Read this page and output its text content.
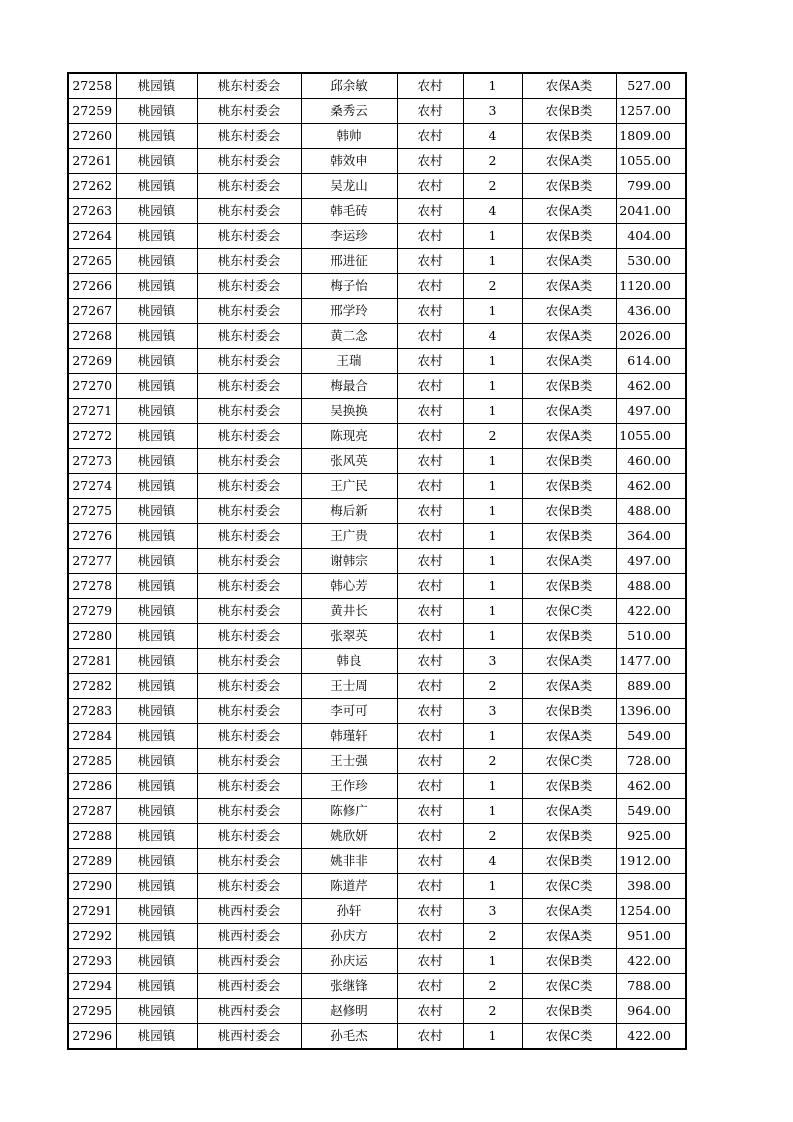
27258	桃园镇	桃东村委会	邱余敏	农村	1	农保A类	527.00
27259	桃园镇	桃东村委会	桑秀云	农村	3	农保B类	1257.00
27260	桃园镇	桃东村委会	韩帅	农村	4	农保B类	1809.00
27261	桃园镇	桃东村委会	韩效申	农村	2	农保A类	1055.00
27262	桃园镇	桃东村委会	吴龙山	农村	2	农保B类	799.00
27263	桃园镇	桃东村委会	韩毛砖	农村	4	农保A类	2041.00
27264	桃园镇	桃东村委会	李运珍	农村	1	农保B类	404.00
27265	桃园镇	桃东村委会	邢进征	农村	1	农保A类	530.00
27266	桃园镇	桃东村委会	梅子怡	农村	2	农保A类	1120.00
27267	桃园镇	桃东村委会	邢学玲	农村	1	农保A类	436.00
27268	桃园镇	桃东村委会	黄二念	农村	4	农保A类	2026.00
27269	桃园镇	桃东村委会	王瑞	农村	1	农保A类	614.00
27270	桃园镇	桃东村委会	梅最合	农村	1	农保B类	462.00
27271	桃园镇	桃东村委会	吴换换	农村	1	农保A类	497.00
27272	桃园镇	桃东村委会	陈现亮	农村	2	农保A类	1055.00
27273	桃园镇	桃东村委会	张风英	农村	1	农保B类	460.00
27274	桃园镇	桃东村委会	王广民	农村	1	农保B类	462.00
27275	桃园镇	桃东村委会	梅后新	农村	1	农保B类	488.00
27276	桃园镇	桃东村委会	王广贵	农村	1	农保B类	364.00
27277	桃园镇	桃东村委会	谢韩宗	农村	1	农保A类	497.00
27278	桃园镇	桃东村委会	韩心芳	农村	1	农保B类	488.00
27279	桃园镇	桃东村委会	黄井长	农村	1	农保C类	422.00
27280	桃园镇	桃东村委会	张翠英	农村	1	农保B类	510.00
27281	桃园镇	桃东村委会	韩良	农村	3	农保A类	1477.00
27282	桃园镇	桃东村委会	王士周	农村	2	农保A类	889.00
27283	桃园镇	桃东村委会	李可可	农村	3	农保B类	1396.00
27284	桃园镇	桃东村委会	韩瑾轩	农村	1	农保A类	549.00
27285	桃园镇	桃东村委会	王士强	农村	2	农保C类	728.00
27286	桃园镇	桃东村委会	王作珍	农村	1	农保B类	462.00
27287	桃园镇	桃东村委会	陈修广	农村	1	农保A类	549.00
27288	桃园镇	桃东村委会	姚欣妍	农村	2	农保B类	925.00
27289	桃园镇	桃东村委会	姚非非	农村	4	农保B类	1912.00
27290	桃园镇	桃东村委会	陈道芹	农村	1	农保C类	398.00
27291	桃园镇	桃西村委会	孙轩	农村	3	农保A类	1254.00
27292	桃园镇	桃西村委会	孙庆方	农村	2	农保A类	951.00
27293	桃园镇	桃西村委会	孙庆运	农村	1	农保B类	422.00
27294	桃园镇	桃西村委会	张继锋	农村	2	农保C类	788.00
27295	桃园镇	桃西村委会	赵修明	农村	2	农保B类	964.00
27296	桃园镇	桃西村委会	孙毛杰	农村	1	农保C类	422.00
